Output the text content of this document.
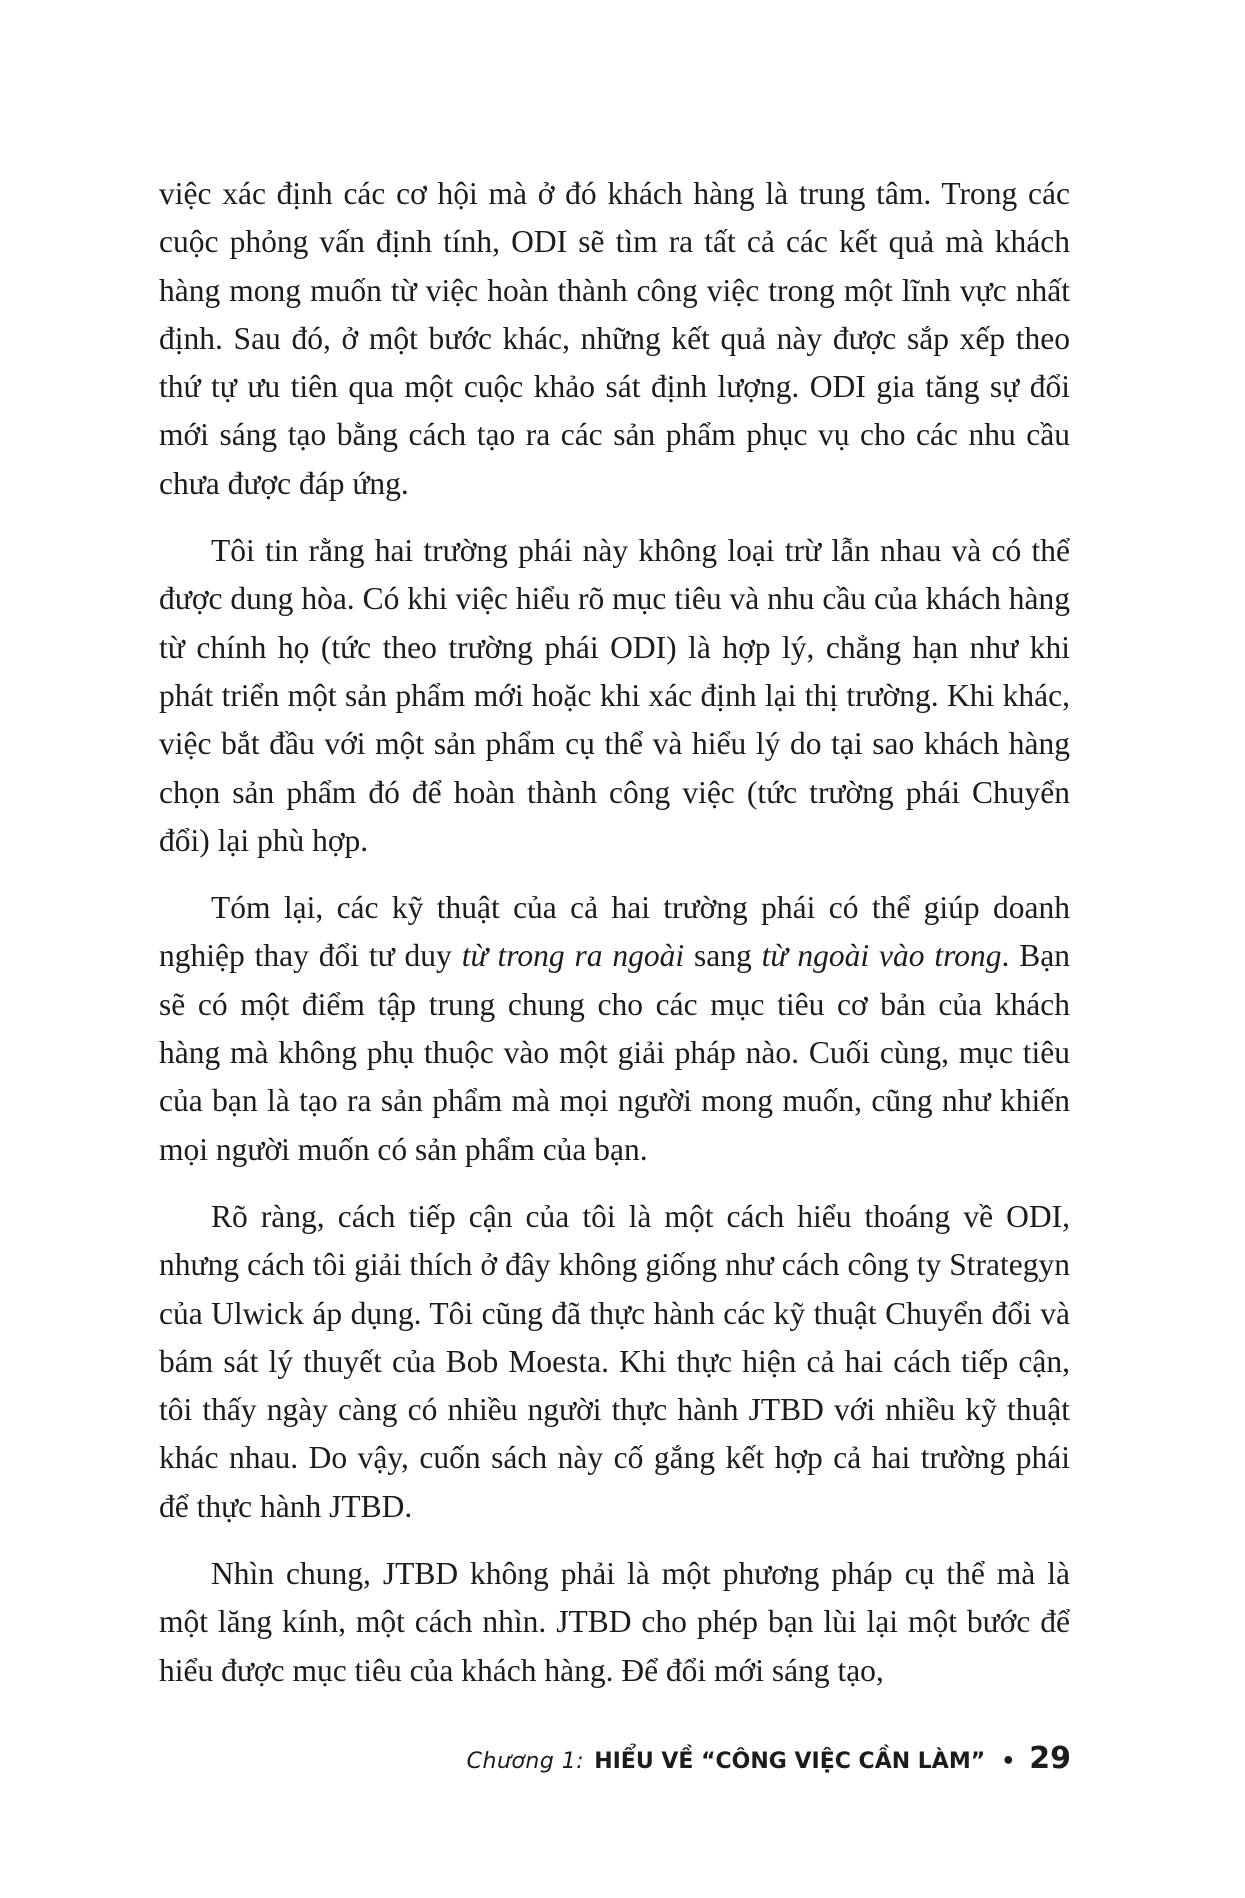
việc xác định các cơ hội mà ở đó khách hàng là trung tâm. Trong các cuộc phỏng vấn định tính, ODI sẽ tìm ra tất cả các kết quả mà khách hàng mong muốn từ việc hoàn thành công việc trong một lĩnh vực nhất định. Sau đó, ở một bước khác, những kết quả này được sắp xếp theo thứ tự ưu tiên qua một cuộc khảo sát định lượng. ODI gia tăng sự đổi mới sáng tạo bằng cách tạo ra các sản phẩm phục vụ cho các nhu cầu chưa được đáp ứng.

Tôi tin rằng hai trường phái này không loại trừ lẫn nhau và có thể được dung hòa. Có khi việc hiểu rõ mục tiêu và nhu cầu của khách hàng từ chính họ (tức theo trường phái ODI) là hợp lý, chẳng hạn như khi phát triển một sản phẩm mới hoặc khi xác định lại thị trường. Khi khác, việc bắt đầu với một sản phẩm cụ thể và hiểu lý do tại sao khách hàng chọn sản phẩm đó để hoàn thành công việc (tức trường phái Chuyển đổi) lại phù hợp.

Tóm lại, các kỹ thuật của cả hai trường phái có thể giúp doanh nghiệp thay đổi tư duy từ trong ra ngoài sang từ ngoài vào trong. Bạn sẽ có một điểm tập trung chung cho các mục tiêu cơ bản của khách hàng mà không phụ thuộc vào một giải pháp nào. Cuối cùng, mục tiêu của bạn là tạo ra sản phẩm mà mọi người mong muốn, cũng như khiến mọi người muốn có sản phẩm của bạn.

Rõ ràng, cách tiếp cận của tôi là một cách hiểu thoáng về ODI, nhưng cách tôi giải thích ở đây không giống như cách công ty Strategyn của Ulwick áp dụng. Tôi cũng đã thực hành các kỹ thuật Chuyển đổi và bám sát lý thuyết của Bob Moesta. Khi thực hiện cả hai cách tiếp cận, tôi thấy ngày càng có nhiều người thực hành JTBD với nhiều kỹ thuật khác nhau. Do vậy, cuốn sách này cố gắng kết hợp cả hai trường phái để thực hành JTBD.

Nhìn chung, JTBD không phải là một phương pháp cụ thể mà là một lăng kính, một cách nhìn. JTBD cho phép bạn lùi lại một bước để hiểu được mục tiêu của khách hàng. Để đổi mới sáng tạo,

Chương 1: HIỂU VỀ “CÔNG VIỆC CẦN LÀM” • 29
